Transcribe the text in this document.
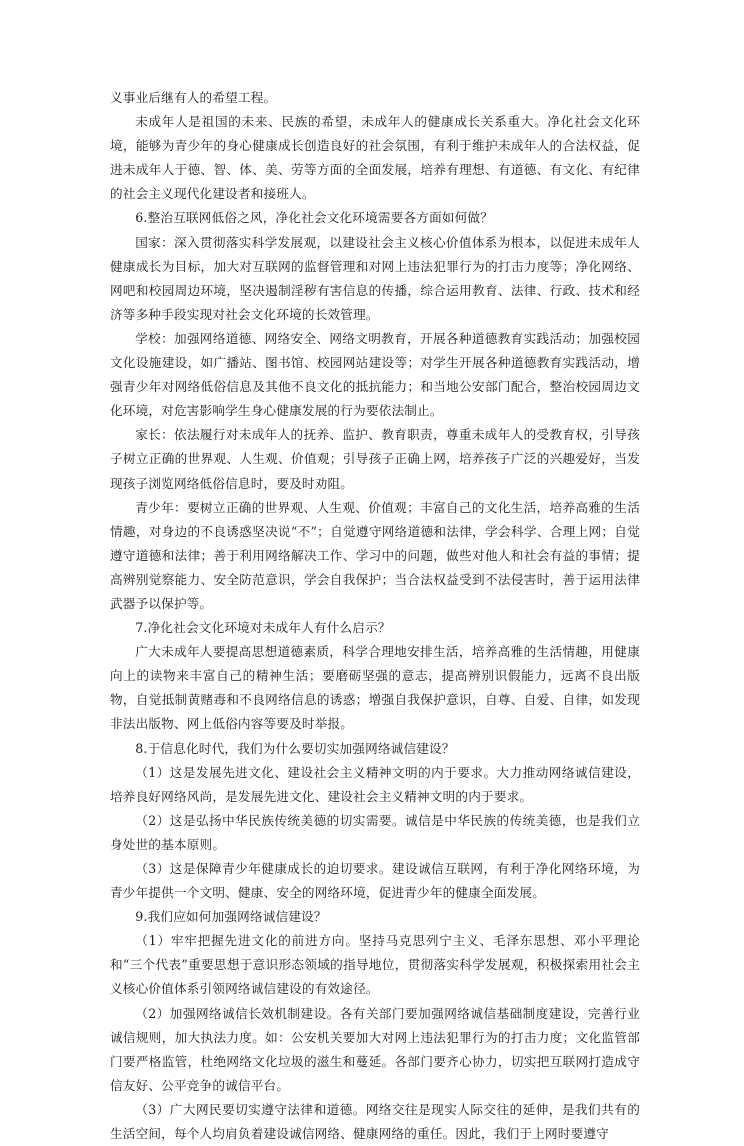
义事业后继有人的希望工程。

未成年人是祖国的未来、民族的希望，未成年人的健康成长关系重大。净化社会文化环境，能够为青少年的身心健康成长创造良好的社会氛围，有利于维护未成年人的合法权益，促进未成年人于德、智、体、美、劳等方面的全面发展，培养有理想、有道德、有文化、有纪律的社会主义现代化建设者和接班人。

6.整治互联网低俗之风，净化社会文化环境需要各方面如何做？

国家：深入贯彻落实科学发展观，以建设社会主义核心价值体系为根本，以促进未成年人健康成长为目标，加大对互联网的监督管理和对网上违法犯罪行为的打击力度等；净化网络、网吧和校园周边环境，坚决遏制淫秽有害信息的传播，综合运用教育、法律、行政、技术和经济等多种手段实现对社会文化环境的长效管理。

学校：加强网络道德、网络安全、网络文明教育，开展各种道德教育实践活动；加强校园文化设施建设，如广播站、图书馆、校园网站建设等；对学生开展各种道德教育实践活动，增强青少年对网络低俗信息及其他不良文化的抵抗能力；和当地公安部门配合，整治校园周边文化环境，对危害影响学生身心健康发展的行为要依法制止。

家长：依法履行对未成年人的抚养、监护、教育职责，尊重未成年人的受教育权，引导孩子树立正确的世界观、人生观、价值观；引导孩子正确上网，培养孩子广泛的兴趣爱好，当发现孩子浏览网络低俗信息时，要及时劝阻。

青少年：要树立正确的世界观、人生观、价值观；丰富自己的文化生活，培养高雅的生活情趣，对身边的不良诱惑坚决说“不”；自觉遵守网络道德和法律，学会科学、合理上网；自觉遵守道德和法律；善于利用网络解决工作、学习中的问题，做些对他人和社会有益的事情；提高辨别觉察能力、安全防范意识，学会自我保护；当合法权益受到不法侵害时，善于运用法律武器予以保护等。

7.净化社会文化环境对未成年人有什么启示？

广大未成年人要提高思想道德素质，科学合理地安排生活，培养高雅的生活情趣，用健康向上的读物来丰富自己的精神生活；要磨砺坚强的意志，提高辨别识假能力，远离不良出版物，自觉抵制黄赌毒和不良网络信息的诱惑；增强自我保护意识，自尊、自爱、自律，如发现非法出版物、网上低俗内容等要及时举报。

8.于信息化时代，我们为什么要切实加强网络诚信建设？

（1）这是发展先进文化、建设社会主义精神文明的内于要求。大力推动网络诚信建设，培养良好网络风尚，是发展先进文化、建设社会主义精神文明的内于要求。

（2）这是弘扬中华民族传统美德的切实需要。诚信是中华民族的传统美德，也是我们立身处世的基本原则。

（3）这是保障青少年健康成长的迫切要求。建设诚信互联网，有利于净化网络环境，为青少年提供一个文明、健康、安全的网络环境，促进青少年的健康全面发展。

9.我们应如何加强网络诚信建设？

（1）牢牢把握先进文化的前进方向。坚持马克思列宁主义、毛泽东思想、邓小平理论和“三个代表”重要思想于意识形态领域的指导地位，贯彻落实科学发展观，积极探索用社会主义核心价值体系引领网络诚信建设的有效途径。

（2）加强网络诚信长效机制建设。各有关部门要加强网络诚信基础制度建设，完善行业诚信规则，加大执法力度。如：公安机关要加大对网上违法犯罪行为的打击力度；文化监管部门要严格监管，杜绝网络文化垃圾的滋生和蔓延。各部门要齐心协力，切实把互联网打造成守信友好、公平竞争的诚信平台。

（3）广大网民要切实遵守法律和道德。网络交往是现实人际交往的延伸，是我们共有的生活空间，每个人均肩负着建设诚信网络、健康网络的重任。因此，我们于上网时要遵守
